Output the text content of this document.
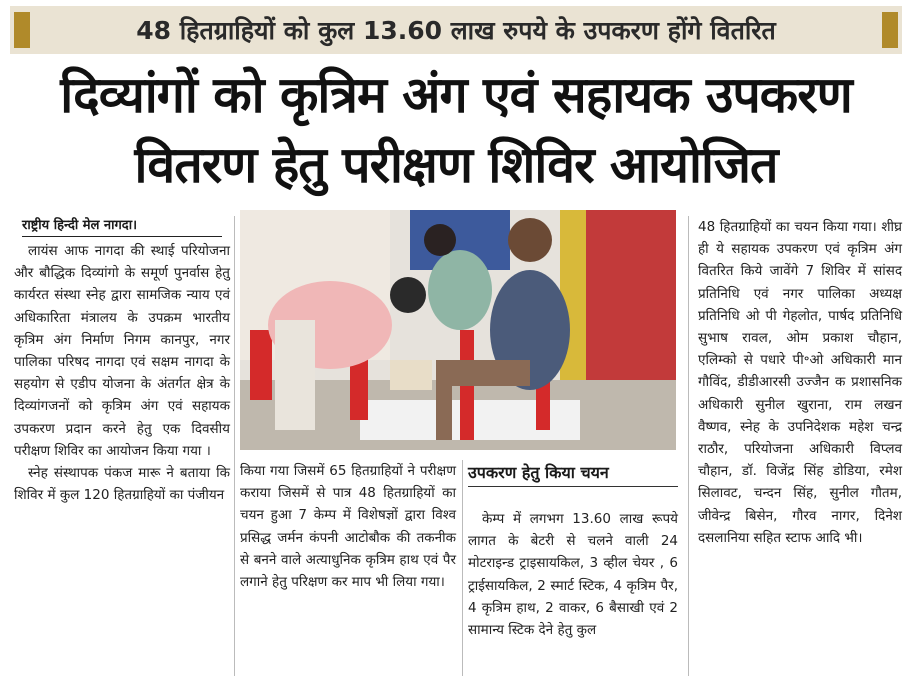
48 हितग्राहियों को कुल 13.60 लाख रुपये के उपकरण होंगे वितरित
दिव्यांगों को कृत्रिम अंग एवं सहायक उपकरण
वितरण हेतु परीक्षण शिविर आयोजित
राष्ट्रीय हिन्दी मेल नागदा।

लायंस आफ नागदा की स्थाई परियोजना और बौद्धिक दिव्यांगो के समूर्ण पुनर्वास हेतु कार्यरत संस्था स्नेह द्वारा सामजिक न्याय एवं अधिकारिता मंत्रालय के उपक्रम भारतीय कृत्रिम अंग निर्माण निगम कानपुर, नगर पालिका परिषद नागदा एवं सक्षम नागदा के सहयोग से एडीप योजना के अंतर्गत क्षेत्र के दिव्यांगजनों को कृत्रिम अंग एवं सहायक उपकरण प्रदान करने हेतु एक दिवसीय परीक्षण शिविर का आयोजन किया गया ।

स्नेह संस्थापक पंकज मारू ने बताया कि शिविर में कुल 120 हितग्राहियों का पंजीयन

किया गया जिसमें 65 हितग्राहियों ने परीक्षण कराया जिसमें से पात्र 48 हितग्राहियों का चयन हुआ 7 केम्प में विशेषज्ञों द्वारा विश्व प्रसिद्ध जर्मन कंपनी आटोबौक की तकनीक से बनने वाले अत्याधुनिक कृत्रिम हाथ एवं पैर लगाने हेतु परिक्षण कर माप भी लिया गया।

उपकरण हेतु किया चयन

केम्प में लगभग 13.60 लाख रूपये लागत के बेटरी से चलने वाली 24 मोटराइन्ड ट्राइसायकिल, 3 व्हील चेयर , 6 ट्राईसायकिल, 2 स्मार्ट स्टिक, 4 कृत्रिम पैर, 4 कृत्रिम हाथ, 2 वाकर, 6 बैसाखी एवं 2 सामान्य स्टिक देने हेतु कुल

48 हितग्राहियों का चयन किया गया। शीघ्र ही ये सहायक उपकरण एवं कृत्रिम अंग वितरित किये जावेंगे 7 शिविर में सांसद प्रतिनिधि एवं नगर पालिका अध्यक्ष प्रतिनिधि ओ पी गेहलोत, पार्षद प्रतिनिधि सुभाष रावल, ओम प्रकाश चौहान, एलिम्को से पधारे पी॰ओ अधिकारी मान गौविंद, डीडीआरसी उज्जैन क प्रशासनिक अधिकारी सुनील खुराना, राम लखन वैष्णव, स्नेह के उपनिदेशक महेश चन्द्र राठौर, परियोजना अधिकारी विप्लव चौहान, डॉ. विजेंद्र सिंह डोडिया, रमेश सिलावट, चन्दन सिंह, सुनील गौतम, जीवेन्द्र बिसेन, गौरव नागर, दिनेश दसलानिया सहित स्टाफ आदि भी।
